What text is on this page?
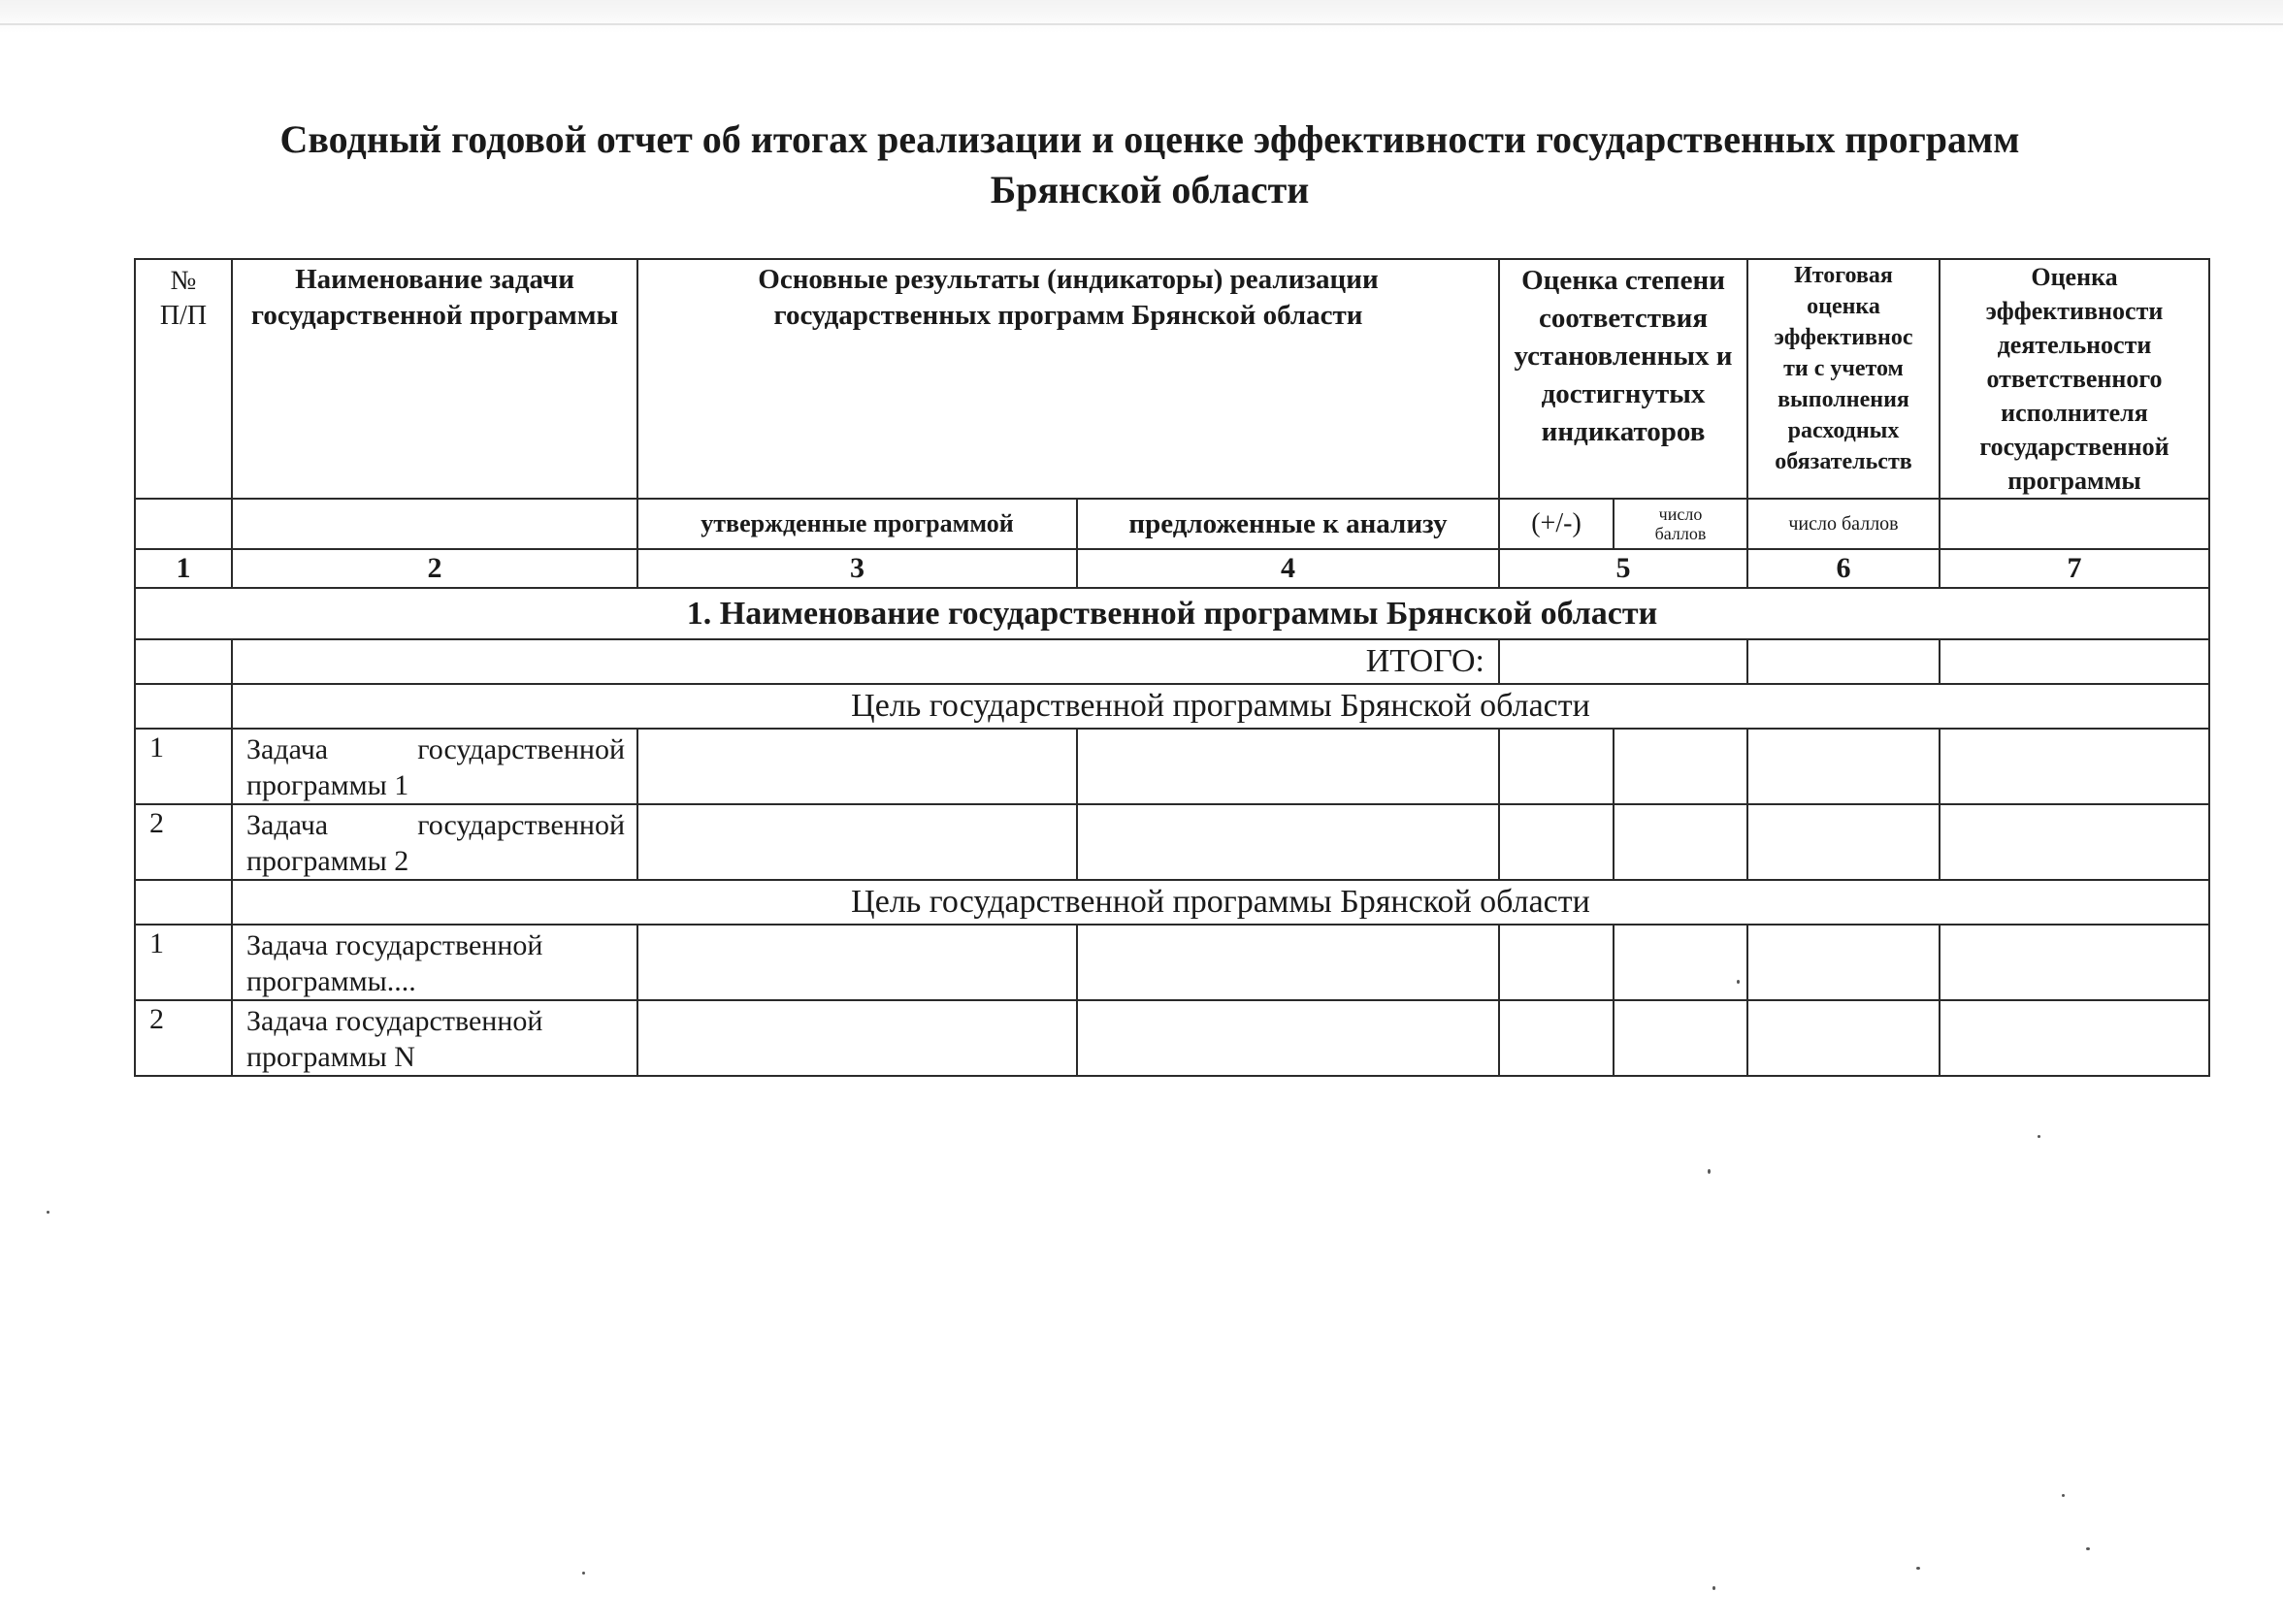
Сводный годовой отчет об итогах реализации и оценке эффективности государственных программ
Брянской области
№ П/П	Наименование задачи государственной программы	Основные результаты (индикаторы) реализации государственных программ Брянской области		Оценка степени соответствия установленных и достигнутых индикаторов		Итоговая оценка эффективнос ти с учетом выполнения расходных обязательств	Оценка эффективности деятельности ответственного исполнителя государственной программы

		утвержденные программой	предложенные к анализу	(+/-)	число баллов	число баллов	
1	2	3	4	5		6	7
1. Наименование государственной программы Брянской области							
	ИТОГО:						
	Цель государственной программы Брянской области						
1	Задача государственной программы 1						
2	Задача государственной программы 2						
	Цель государственной программы Брянской области						
1	Задача государственной программы....						
2	Задача государственной программы N						
